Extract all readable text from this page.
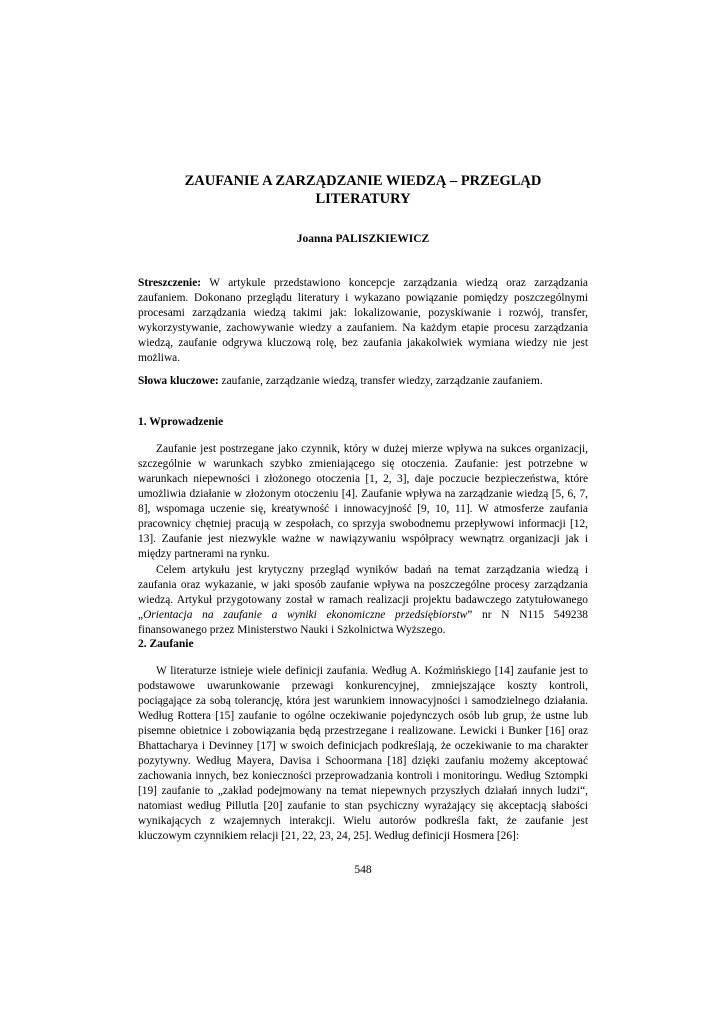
ZAUFANIE A ZARZĄDZANIE WIEDZĄ – PRZEGLĄD
LITERATURY
Joanna PALISZKIEWICZ
Streszczenie: W artykule przedstawiono koncepcje zarządzania wiedzą oraz zarządzania zaufaniem. Dokonano przeglądu literatury i wykazano powiązanie pomiędzy poszczególnymi procesami zarządzania wiedzą takimi jak: lokalizowanie, pozyskiwanie i rozwój, transfer, wykorzystywanie, zachowywanie wiedzy a zaufaniem. Na każdym etapie procesu zarządzania wiedzą, zaufanie odgrywa kluczową rolę, bez zaufania jakakolwiek wymiana wiedzy nie jest możliwa.
Słowa kluczowe: zaufanie, zarządzanie wiedzą, transfer wiedzy, zarządzanie zaufaniem.
1. Wprowadzenie
Zaufanie jest postrzegane jako czynnik, który w dużej mierze wpływa na sukces organizacji, szczególnie w warunkach szybko zmieniającego się otoczenia. Zaufanie: jest potrzebne w warunkach niepewności i złożonego otoczenia [1, 2, 3], daje poczucie bezpieczeństwa, które umożliwia działanie w złożonym otoczeniu [4]. Zaufanie wpływa na zarządzanie wiedzą [5, 6, 7, 8], wspomaga uczenie się, kreatywność i innowacyjność [9, 10, 11]. W atmosferze zaufania pracownicy chętniej pracują w zespołach, co sprzyja swobodnemu przepływowi informacji [12, 13]. Zaufanie jest niezwykle ważne w nawiązywaniu współpracy wewnątrz organizacji jak i między partnerami na rynku.
Celem artykułu jest krytyczny przegląd wyników badań na temat zarządzania wiedzą i zaufania oraz wykazanie, w jaki sposób zaufanie wpływa na poszczególne procesy zarządzania wiedzą. Artykuł przygotowany został w ramach realizacji projektu badawczego zatytułowanego „Orientacja na zaufanie a wyniki ekonomiczne przedsiębiorstw” nr N N115 549238 finansowanego przez Ministerstwo Nauki i Szkolnictwa Wyższego.
2. Zaufanie
W literaturze istnieje wiele definicji zaufania. Według A. Koźmińskiego [14] zaufanie jest to podstawowe uwarunkowanie przewagi konkurencyjnej, zmniejszające koszty kontroli, pociągające za sobą tolerancję, która jest warunkiem innowacyjności i samodzielnego działania. Według Rottera [15] zaufanie to ogólne oczekiwanie pojedynczych osób lub grup, że ustne lub pisemne obietnice i zobowiązania będą przestrzegane i realizowane. Lewicki i Bunker [16] oraz Bhattacharya i Devinney [17] w swoich definicjach podkreślają, że oczekiwanie to ma charakter pozytywny. Według Mayera, Davisa i Schoormana [18] dzięki zaufaniu możemy akceptować zachowania innych, bez konieczności przeprowadzania kontroli i monitoringu. Według Sztompki [19] zaufanie to „zakład podejmowany na temat niepewnych przyszłych działań innych ludzi“, natomiast według Pillutla [20] zaufanie to stan psychiczny wyrażający się akceptacją słabości wynikających z wzajemnych interakcji. Wielu autorów podkreśla fakt, że zaufanie jest kluczowym czynnikiem relacji [21, 22, 23, 24, 25]. Według definicji Hosmera [26]:
548
